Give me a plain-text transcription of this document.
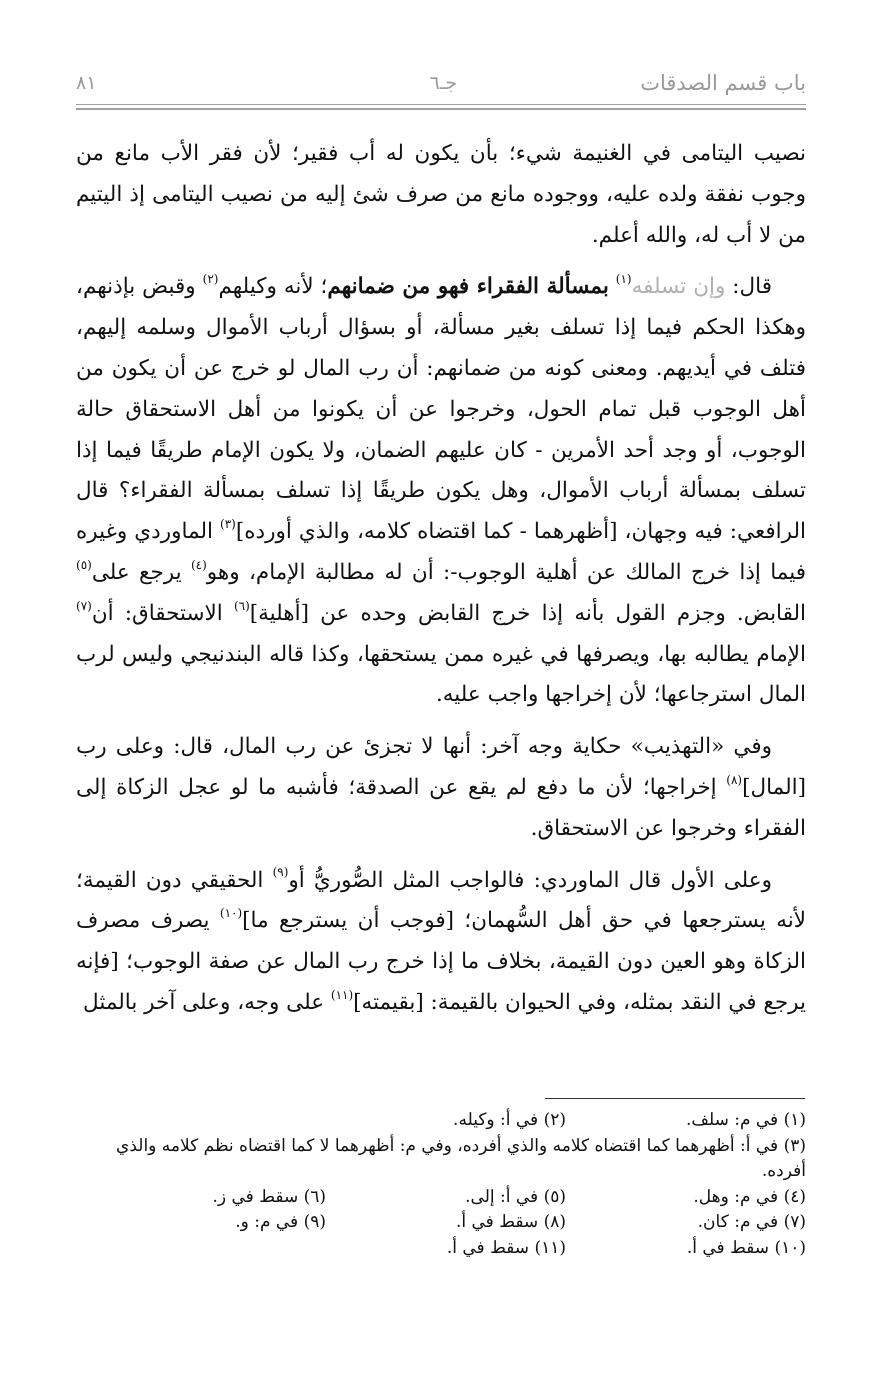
باب قسم الصدقات
جـ٦
٨١

نصيب اليتامى في الغنيمة شيء؛ بأن يكون له أب فقير؛ لأن فقر الأب مانع من وجوب نفقة ولده عليه، ووجوده مانع من صرف شئ إليه من نصيب اليتامى إذ اليتيم من لا أب له، والله أعلم.

قال: وإن تسلفه$^{(١)}$ بمسألة الفقراء فهو من ضمانهم؛ لأنه وكيلهم$^{(٢)}$ وقبض بإذنهم، وهكذا الحكم فيما إذا تسلف بغير مسألة، أو بسؤال أرباب الأموال وسلمه إليهم، فتلف في أيديهم. ومعنى كونه من ضمانهم: أن رب المال لو خرج عن أن يكون من أهل الوجوب قبل تمام الحول، وخرجوا عن أن يكونوا من أهل الاستحقاق حالة الوجوب، أو وجد أحد الأمرين - كان عليهم الضمان، ولا يكون الإمام طريقًا فيما إذا تسلف بمسألة أرباب الأموال، وهل يكون طريقًا إذا تسلف بمسألة الفقراء؟ قال الرافعي: فيه وجهان، [أظهرهما - كما اقتضاه كلامه، والذي أورده]$^{(٣)}$ الماوردي وغيره فيما إذا خرج المالك عن أهلية الوجوب-: أن له مطالبة الإمام، وهو$^{(٤)}$ يرجع على$^{(٥)}$ القابض. وجزم القول بأنه إذا خرج القابض وحده عن [أهلية]$^{(٦)}$ الاستحقاق: أن$^{(٧)}$ الإمام يطالبه بها، ويصرفها في غيره ممن يستحقها، وكذا قاله البندنيجي وليس لرب المال استرجاعها؛ لأن إخراجها واجب عليه.

وفي «التهذيب» حكاية وجه آخر: أنها لا تجزئ عن رب المال، قال: وعلى رب [المال]$^{(٨)}$ إخراجها؛ لأن ما دفع لم يقع عن الصدقة؛ فأشبه ما لو عجل الزكاة إلى الفقراء وخرجوا عن الاستحقاق.

وعلى الأول قال الماوردي: فالواجب المثل الصُّوريُّ أو$^{(٩)}$ الحقيقي دون القيمة؛ لأنه يسترجعها في حق أهل السُّهمان؛ [فوجب أن يسترجع ما]$^{(١٠)}$ يصرف مصرف الزكاة وهو العين دون القيمة، بخلاف ما إذا خرج رب المال عن صفة الوجوب؛ [فإنه يرجع في النقد بمثله، وفي الحيوان بالقيمة: [بقيمته]$^{(١١)}$ على وجه، وعلى آخر بالمثل

(١) في م: سلف.
(٢) في أ: وكيله.
(٣) في أ: أظهرهما كما اقتضاه كلامه والذي أفرده، وفي م: أظهرهما لا كما اقتضاه نظم كلامه والذي أفرده.
(٤) في م: وهل.
(٥) في أ: إلى.
(٦) سقط في ز.
(٧) في م: كان.
(٨) سقط في أ.
(٩) في م: و.
(١٠) سقط في أ.
(١١) سقط في أ.
